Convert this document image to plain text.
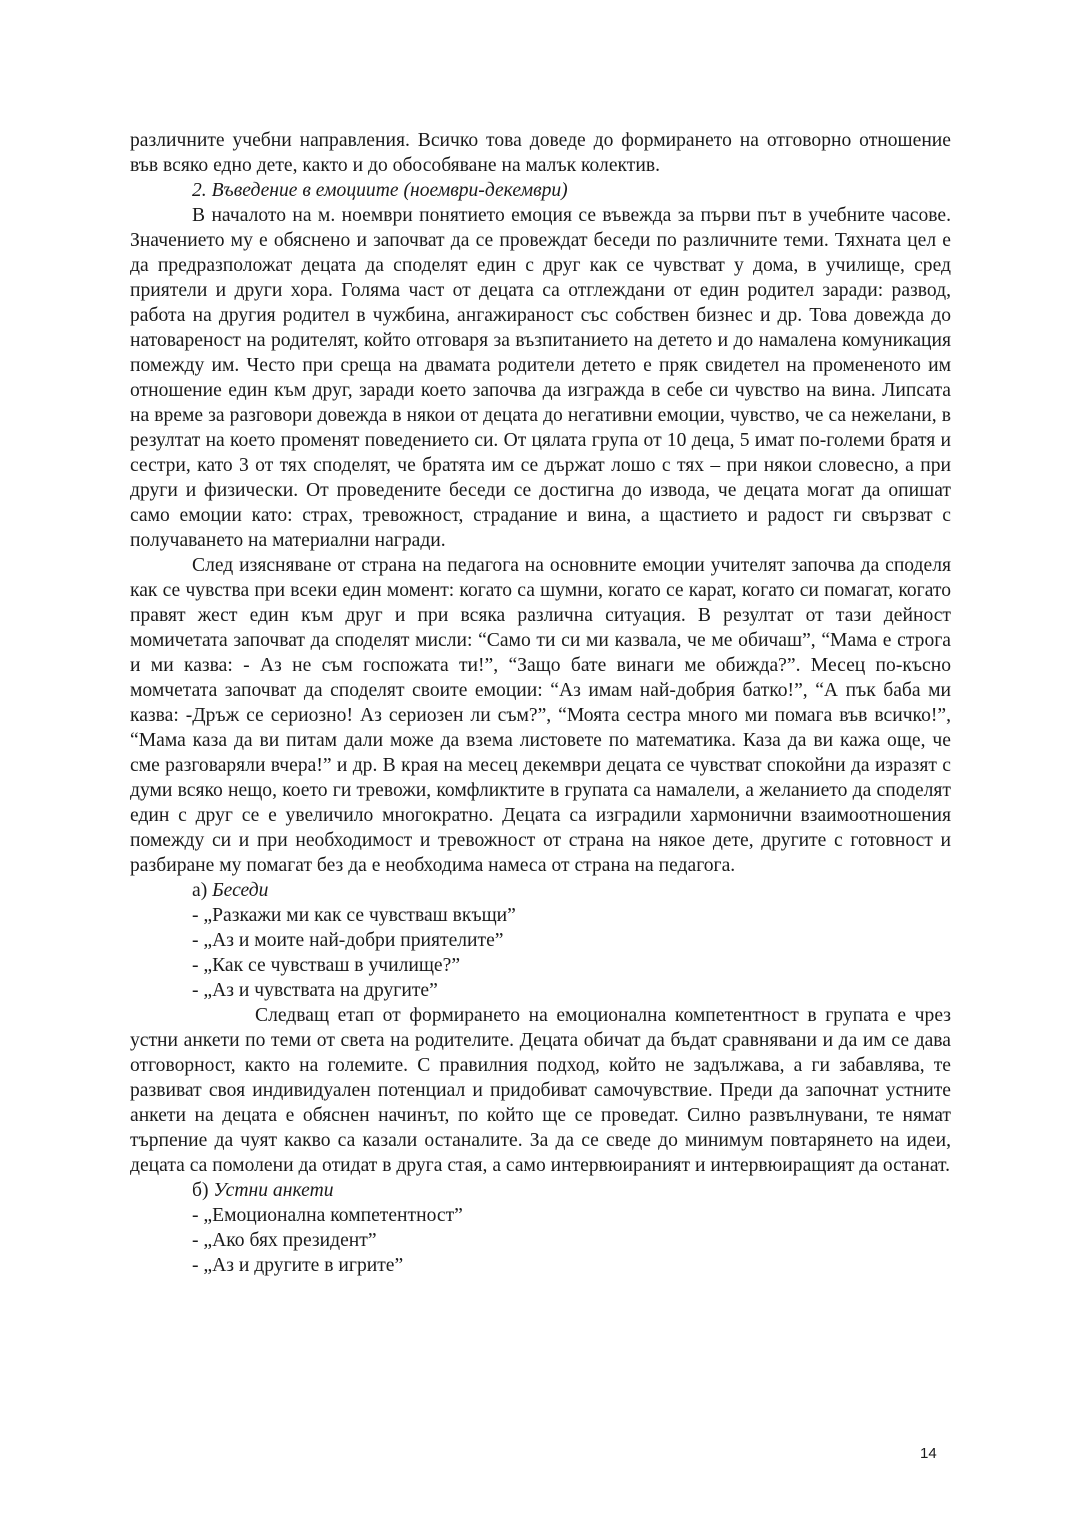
различните учебни направления. Всичко това доведе до формирането на отговорно отношение във всяко едно дете, както и до обособяване на малък колектив.

2. Въведение в емоциите (ноември-декември)

В началото на м. ноември понятието емоция се въвежда за първи път в учебните часове. Значението му е обяснено и започват да се провеждат беседи по различните теми. Тяхната цел е да предразположат децата да споделят един с друг как се чувстват у дома, в училище, сред приятели и други хора. Голяма част от децата са отглеждани от един родител заради: развод, работа на другия родител в чужбина, ангажираност със собствен бизнес и др. Това довежда до натовареност на родителят, който отговаря за възпитанието на детето и до намалена комуникация помежду им. Често при среща на двамата родители детето е пряк свидетел на промененото им отношение един към друг, заради което започва да изгражда в себе си чувство на вина. Липсата на време за разговори довежда в някои от децата до негативни емоции, чувство, че са нежелани, в резултат на което променят поведението си. От цялата група от 10 деца, 5 имат по-големи братя и сестри, като 3 от тях споделят, че братята им се държат лошо с тях – при някои словесно, а при други и физически. От проведените беседи се достигна до извода, че децата могат да опишат само емоции като: страх, тревожност, страдание и вина, а щастието и радост ги свързват с получаването на материални награди.

След изясняване от страна на педагога на основните емоции учителят започва да споделя как се чувства при всеки един момент: когато са шумни, когато се карат, когато си помагат, когато правят жест един към друг и при всяка различна ситуация. В резултат от тази дейност момичетата започват да споделят мисли: “Само ти си ми казвала, че ме обичаш”, “Мама е строга и ми казва: - Аз не съм госпожата ти!”, “Защо бате винаги ме обижда?”. Месец по-късно момчетата започват да споделят своите емоции: “Аз имам най-добрия батко!”, “А пък баба ми казва: -Дръж се сериозно! Аз сериозен ли съм?”, “Моята сестра много ми помага във всичко!”, “Мама каза да ви питам дали може да взема листовете по математика. Каза да ви кажа още, че сме разговаряли вчера!” и др. В края на месец декември децата се чувстват спокойни да изразят с думи всяко нещо, което ги тревожи, комфликтите в групата са намалели, а желанието да споделят един с друг се е увеличило многократно. Децата са изградили хармонични взаимоотношения помежду си и при необходимост и тревожност от страна на някое дете, другите с готовност и разбиране му помагат без да е необходима намеса от страна на педагога.

а) Беседи

- „Разкажи ми как се чувстваш вкъщи”

- „Аз и моите най-добри приятелите”

- „Как се чувстваш в училище?”

- „Аз и чувствата на другите”

Следващ етап от формирането на емоционална компетентност в групата е чрез устни анкети по теми от света на родителите. Децата обичат да бъдат сравнявани и да им се дава отговорност, както на големите. С правилния подход, който не задължава, а ги забавлява, те развиват своя индивидуален потенциал и придобиват самочувствие. Преди да започнат устните анкети на децата е обяснен начинът, по който ще се проведат. Силно развълнувани, те нямат търпение да чуят какво са казали останалите. За да се сведе до минимум повтарянето на идеи, децата са помолени да отидат в друга стая, а само интервюираният и интервюиращият да останат.

б) Устни анкети

- „Емоционална компетентност”

- „Ако бях президент”

- „Аз и другите в игрите”

14
